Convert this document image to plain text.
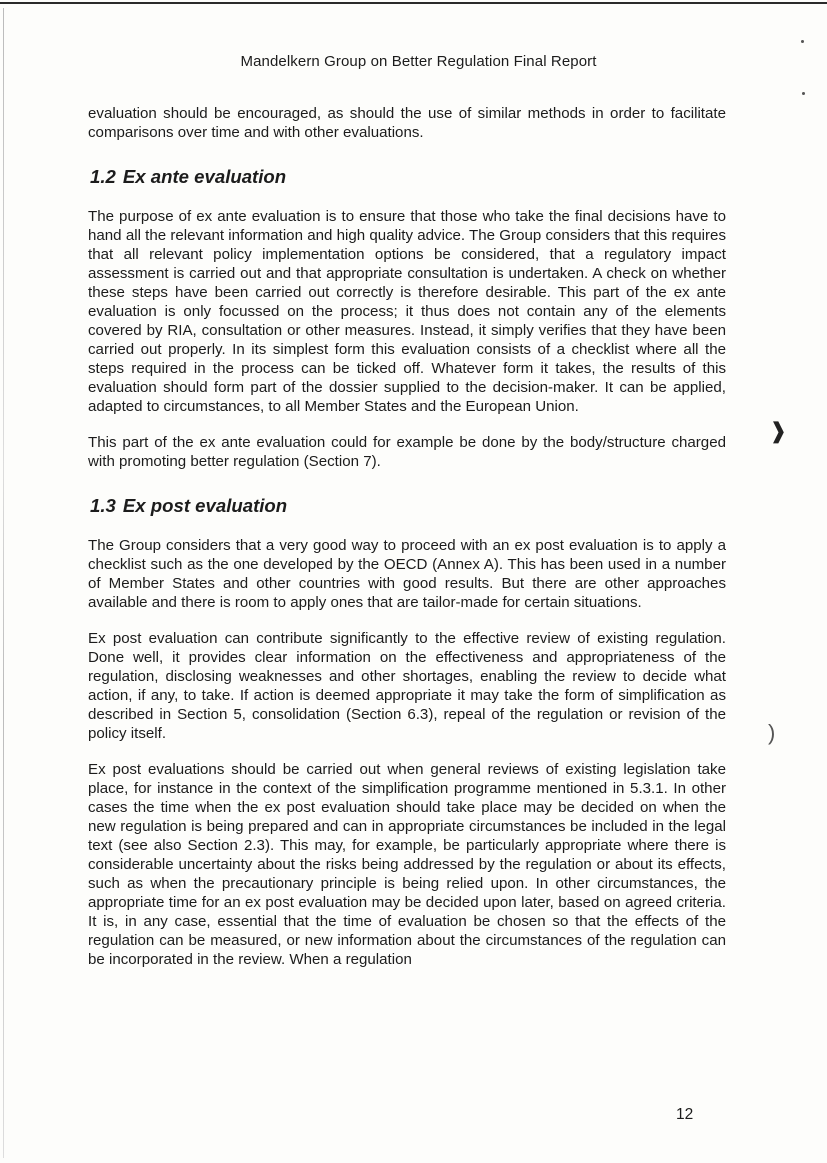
Mandelkern Group on Better Regulation Final Report

evaluation should be encouraged, as should the use of similar methods in order to facilitate comparisons over time and with other evaluations.

1.2 Ex ante evaluation

The purpose of ex ante evaluation is to ensure that those who take the final decisions have to hand all the relevant information and high quality advice. The Group considers that this requires that all relevant policy implementation options be considered, that a regulatory impact assessment is carried out and that appropriate consultation is undertaken. A check on whether these steps have been carried out correctly is therefore desirable. This part of the ex ante evaluation is only focussed on the process; it thus does not contain any of the elements covered by RIA, consultation or other measures. Instead, it simply verifies that they have been carried out properly. In its simplest form this evaluation consists of a checklist where all the steps required in the process can be ticked off. Whatever form it takes, the results of this evaluation should form part of the dossier supplied to the decision-maker. It can be applied, adapted to circumstances, to all Member States and the European Union.

This part of the ex ante evaluation could for example be done by the body/structure charged with promoting better regulation (Section 7).

1.3 Ex post evaluation

The Group considers that a very good way to proceed with an ex post evaluation is to apply a checklist such as the one developed by the OECD (Annex A). This has been used in a number of Member States and other countries with good results. But there are other approaches available and there is room to apply ones that are tailor-made for certain situations.

Ex post evaluation can contribute significantly to the effective review of existing regulation. Done well, it provides clear information on the effectiveness and appropriateness of the regulation, disclosing weaknesses and other shortages, enabling the review to decide what action, if any, to take. If action is deemed appropriate it may take the form of simplification as described in Section 5, consolidation (Section 6.3), repeal of the regulation or revision of the policy itself.

Ex post evaluations should be carried out when general reviews of existing legislation take place, for instance in the context of the simplification programme mentioned in 5.3.1. In other cases the time when the ex post evaluation should take place may be decided on when the new regulation is being prepared and can in appropriate circumstances be included in the legal text (see also Section 2.3). This may, for example, be particularly appropriate where there is considerable uncertainty about the risks being addressed by the regulation or about its effects, such as when the precautionary principle is being relied upon. In other circumstances, the appropriate time for an ex post evaluation may be decided upon later, based on agreed criteria. It is, in any case, essential that the time of evaluation be chosen so that the effects of the regulation can be measured, or new information about the circumstances of the regulation can be incorporated in the review. When a regulation

❱
)
12
